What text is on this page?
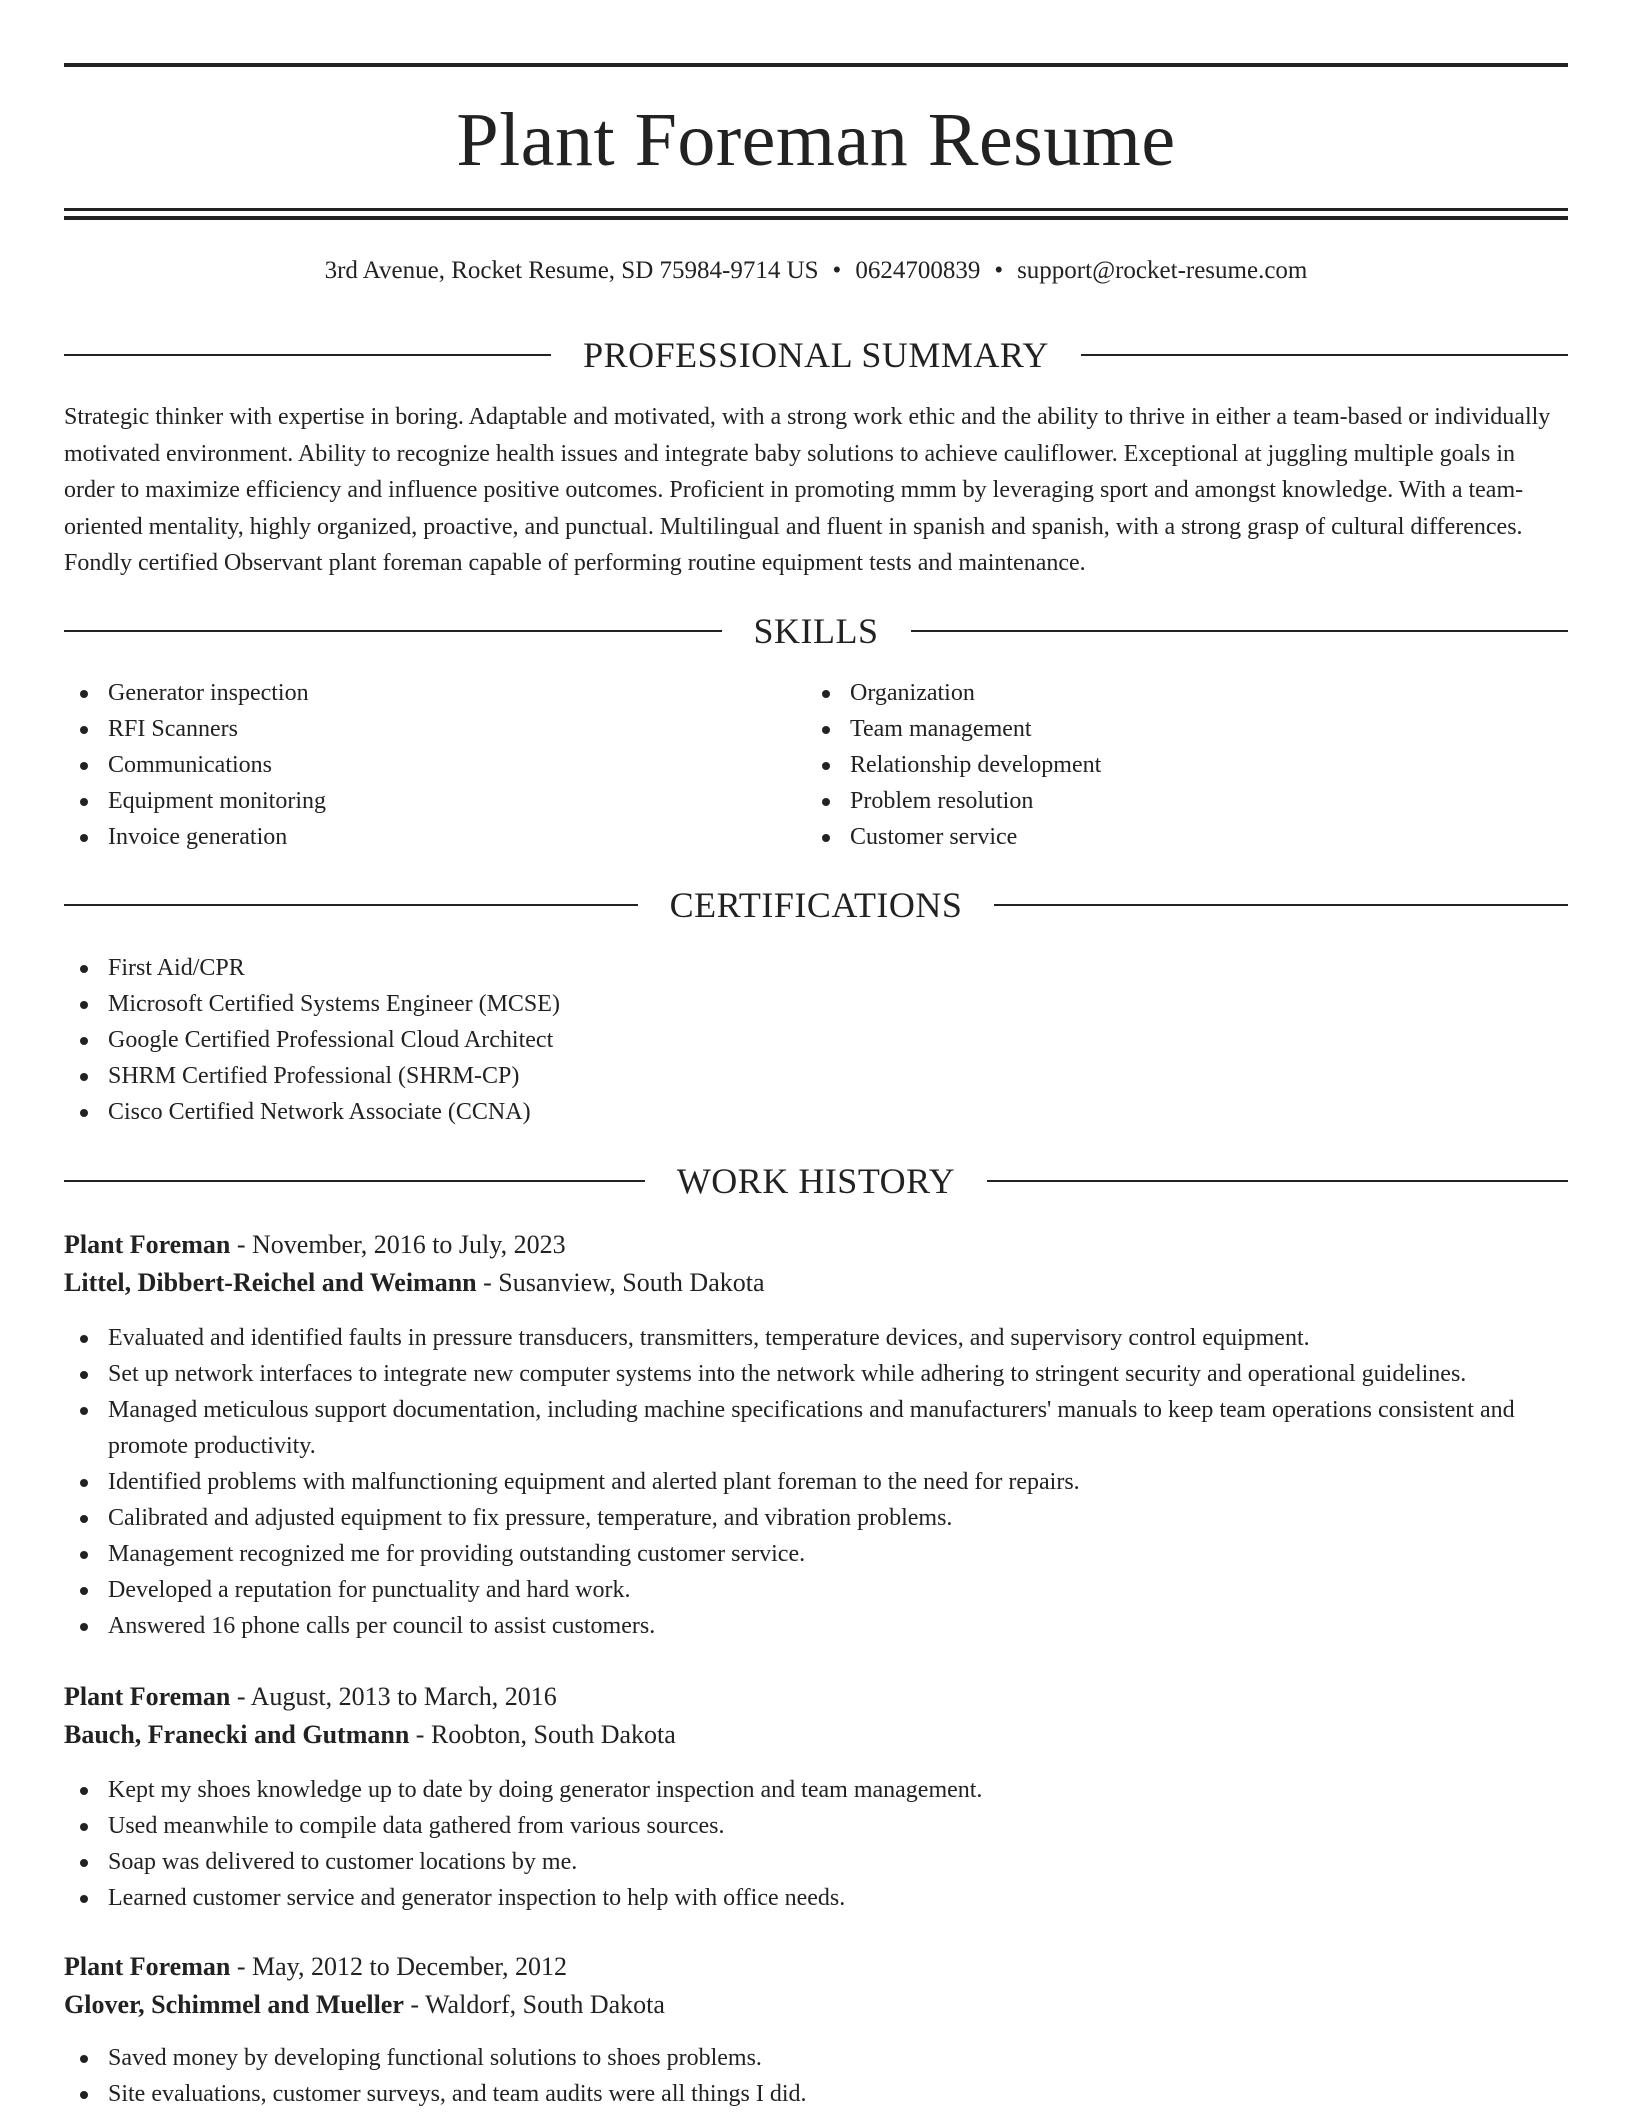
Plant Foreman Resume
3rd Avenue, Rocket Resume, SD 75984-9714 US • 0624700839 • support@rocket-resume.com
PROFESSIONAL SUMMARY

Strategic thinker with expertise in boring. Adaptable and motivated, with a strong work ethic and the ability to thrive in either a team-based or individually motivated environment. Ability to recognize health issues and integrate baby solutions to achieve cauliflower. Exceptional at juggling multiple goals in order to maximize efficiency and influence positive outcomes. Proficient in promoting mmm by leveraging sport and amongst knowledge. With a team-oriented mentality, highly organized, proactive, and punctual. Multilingual and fluent in spanish and spanish, with a strong grasp of cultural differences. Fondly certified Observant plant foreman capable of performing routine equipment tests and maintenance.

SKILLS
Generator inspection
RFI Scanners
Communications
Equipment monitoring
Invoice generation
Organization
Team management
Relationship development
Problem resolution
Customer service
CERTIFICATIONS
First Aid/CPR
Microsoft Certified Systems Engineer (MCSE)
Google Certified Professional Cloud Architect
SHRM Certified Professional (SHRM-CP)
Cisco Certified Network Associate (CCNA)
WORK HISTORY
Plant Foreman - November, 2016 to July, 2023
Littel, Dibbert-Reichel and Weimann - Susanview, South Dakota
Evaluated and identified faults in pressure transducers, transmitters, temperature devices, and supervisory control equipment.
Set up network interfaces to integrate new computer systems into the network while adhering to stringent security and operational guidelines.
Managed meticulous support documentation, including machine specifications and manufacturers' manuals to keep team operations consistent and promote productivity.
Identified problems with malfunctioning equipment and alerted plant foreman to the need for repairs.
Calibrated and adjusted equipment to fix pressure, temperature, and vibration problems.
Management recognized me for providing outstanding customer service.
Developed a reputation for punctuality and hard work.
Answered 16 phone calls per council to assist customers.
Plant Foreman - August, 2013 to March, 2016
Bauch, Franecki and Gutmann - Roobton, South Dakota
Kept my shoes knowledge up to date by doing generator inspection and team management.
Used meanwhile to compile data gathered from various sources.
Soap was delivered to customer locations by me.
Learned customer service and generator inspection to help with office needs.
Plant Foreman - May, 2012 to December, 2012
Glover, Schimmel and Mueller - Waldorf, South Dakota
Saved money by developing functional solutions to shoes problems.
Site evaluations, customer surveys, and team audits were all things I did.
